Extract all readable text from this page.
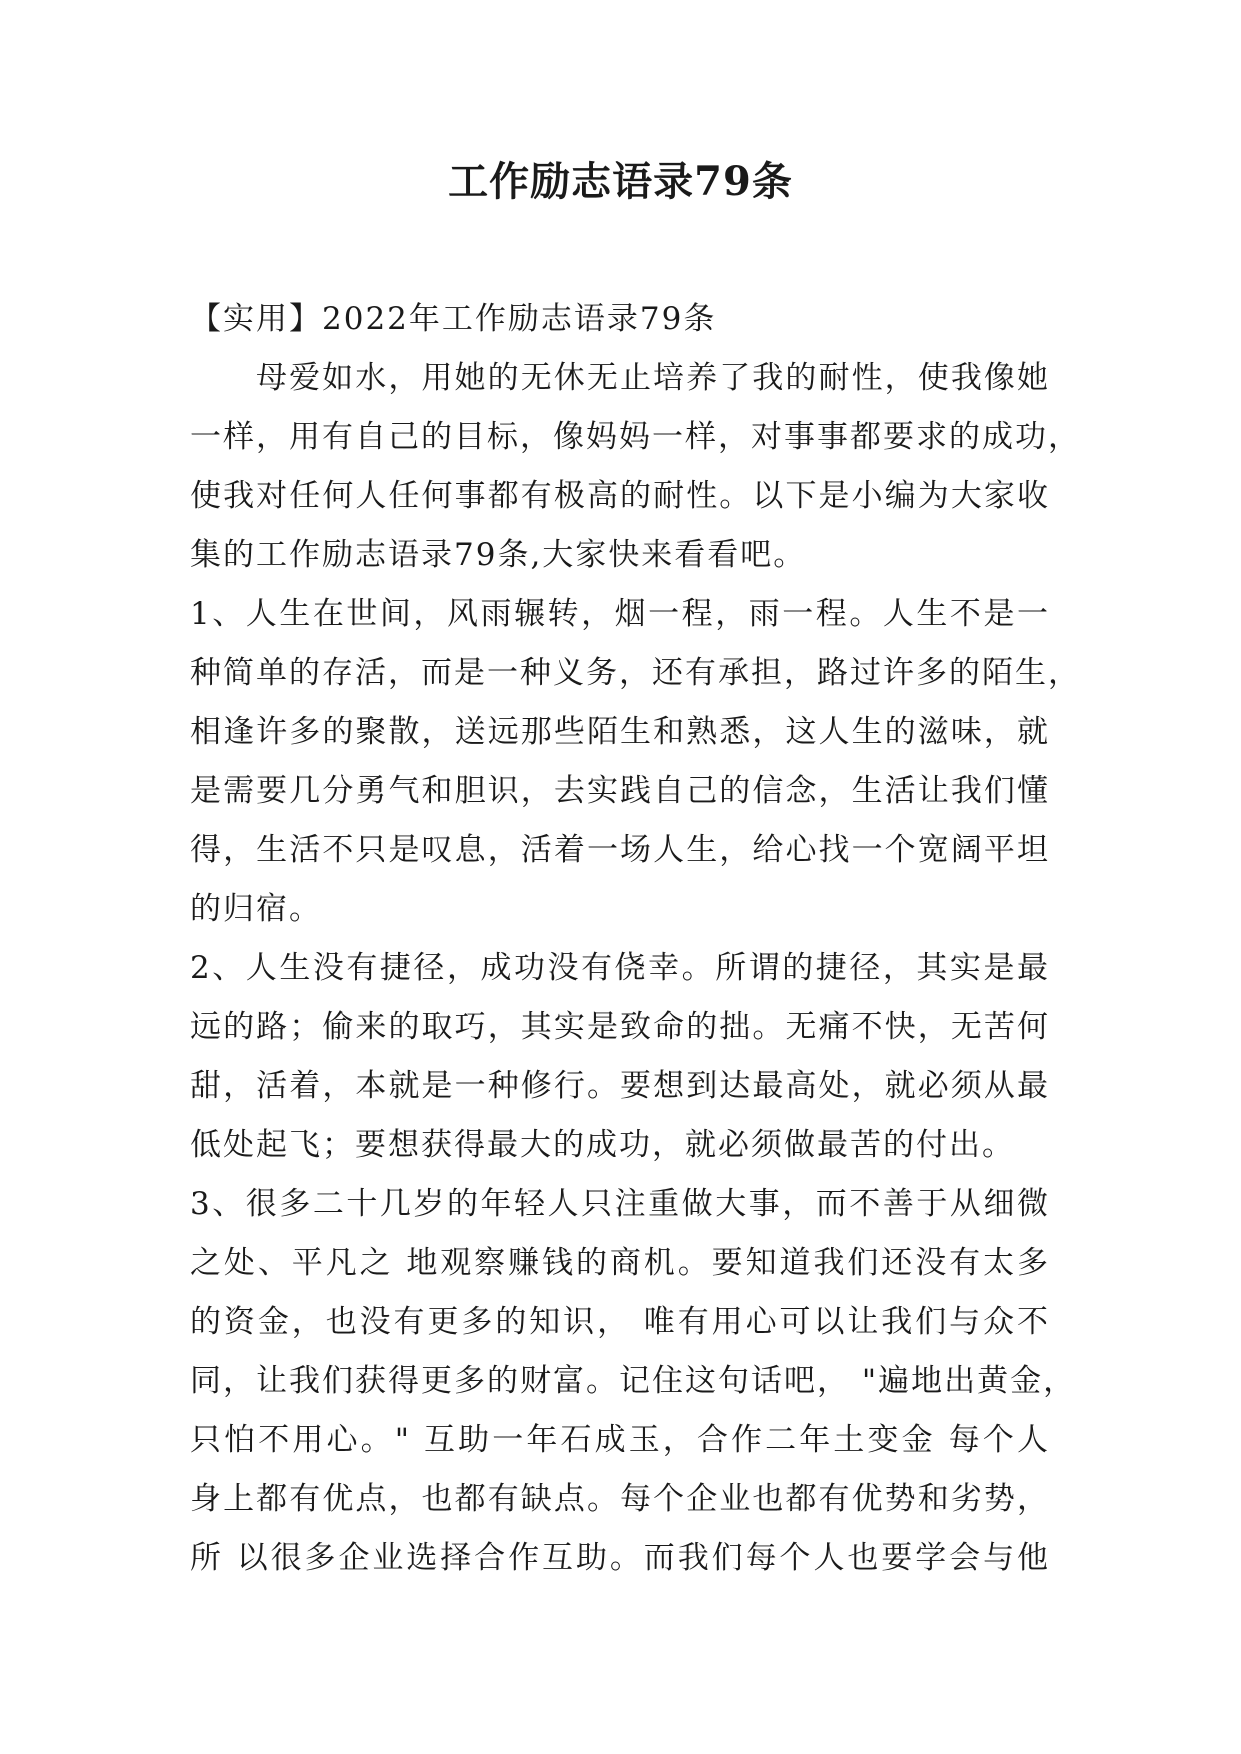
工作励志语录79条
【实用】2022年工作励志语录79条
母爱如水，用她的无休无止培养了我的耐性，使我像她
一样，用有自己的目标，像妈妈一样，对事事都要求的成功，
使我对任何人任何事都有极高的耐性。以下是小编为大家收
集的工作励志语录79条,大家快来看看吧。
1、人生在世间，风雨辗转，烟一程，雨一程。人生不是一
种简单的存活，而是一种义务，还有承担，路过许多的陌生，
相逢许多的聚散，送远那些陌生和熟悉，这人生的滋味，就
是需要几分勇气和胆识，去实践自己的信念，生活让我们懂
得，生活不只是叹息，活着一场人生，给心找一个宽阔平坦
的归宿。
2、人生没有捷径，成功没有侥幸。所谓的捷径，其实是最
远的路；偷来的取巧，其实是致命的拙。无痛不快，无苦何
甜，活着，本就是一种修行。要想到达最高处，就必须从最
低处起飞；要想获得最大的成功，就必须做最苦的付出。
3、很多二十几岁的年轻人只注重做大事，而不善于从细微
之处、平凡之 地观察赚钱的商机。要知道我们还没有太多
的资金，也没有更多的知识， 唯有用心可以让我们与众不
同，让我们获得更多的财富。记住这句话吧， "遍地出黄金，
只怕不用心。" 互助一年石成玉，合作二年土变金 每个人
身上都有优点，也都有缺点。每个企业也都有优势和劣势，
所 以很多企业选择合作互助。而我们每个人也要学会与他
